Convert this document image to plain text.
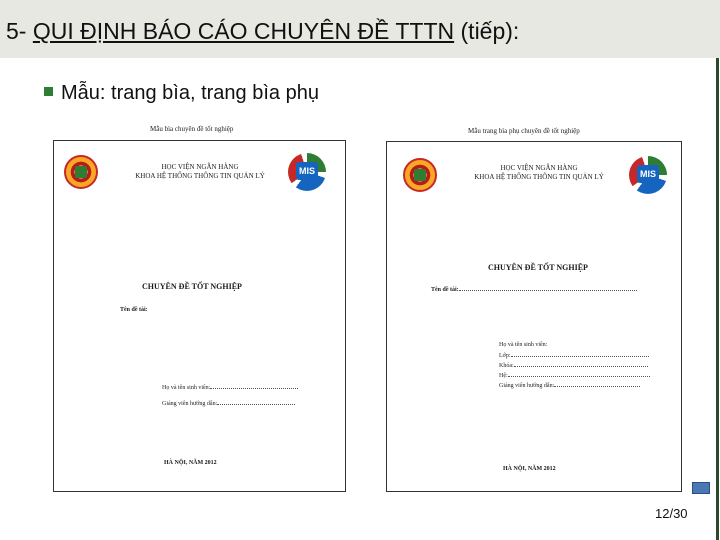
5- QUI ĐỊNH BÁO CÁO CHUYÊN ĐỀ TTTN (tiếp):
Mẫu: trang bìa, trang bìa phụ
Mẫu bìa chuyên đề tốt nghiệp
HỌC VIỆN NGÂN HÀNG
KHOA HỆ THỐNG THÔNG TIN QUẢN LÝ	MIS
CHUYÊN ĐỀ TỐT NGHIỆP
Tên đề tài:
Họ và tên sinh viên:
Giảng viên hướng dẫn:
HÀ NỘI, NĂM 2012
Mẫu trang bìa phụ chuyên đề tốt nghiệp
HỌC VIỆN NGÂN HÀNG
KHOA HỆ THỐNG THÔNG TIN QUẢN LÝ	MIS
CHUYÊN ĐỀ TỐT NGHIỆP
Tên đề tài:
Họ và tên sinh viên:
Lớp:
Khóa:
Hệ:
Giảng viên hướng dẫn:
HÀ NỘI, NĂM 2012
12/30
